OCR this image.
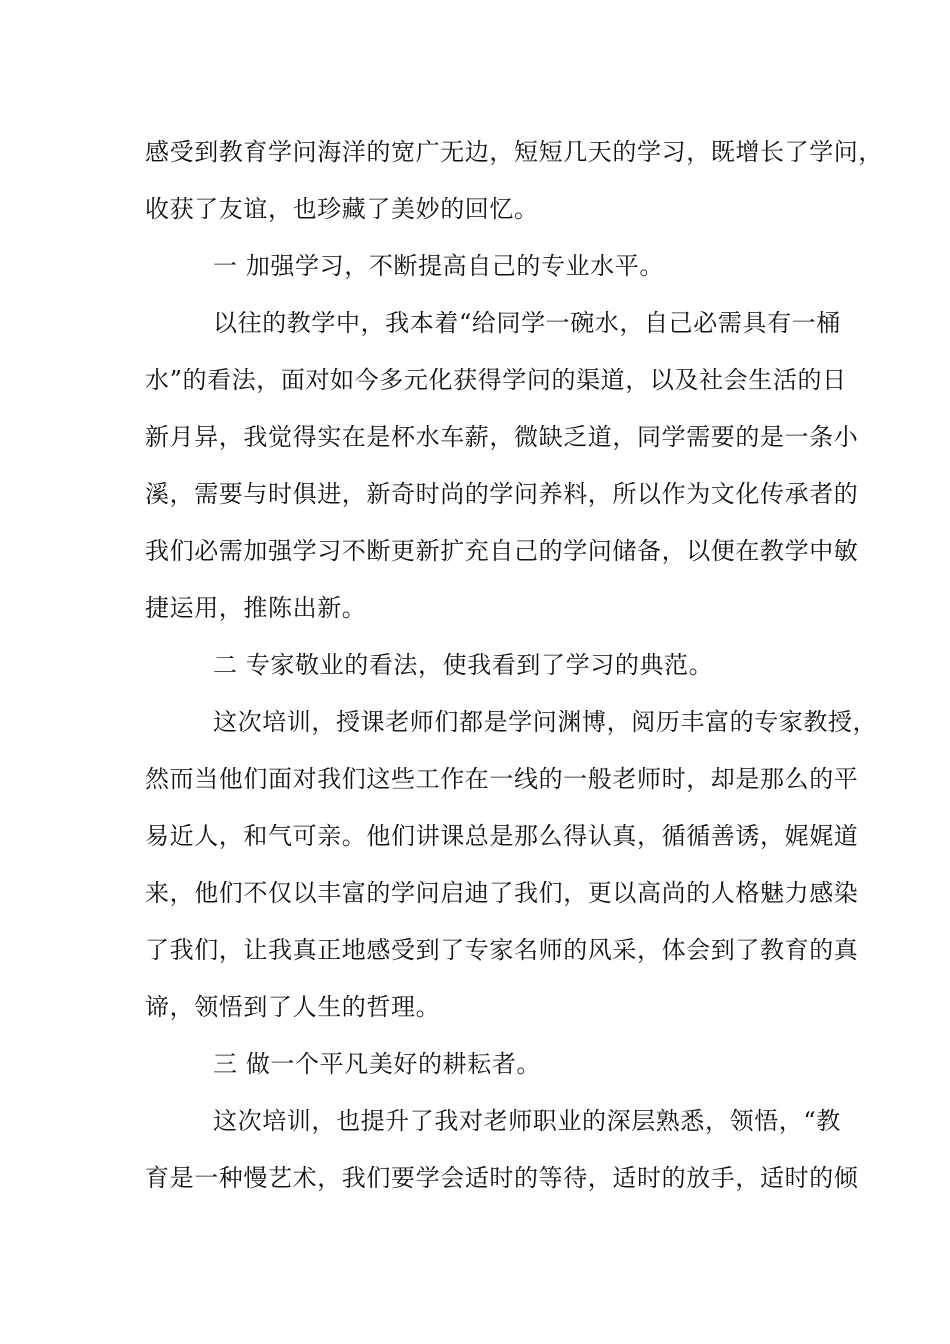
感受到教育学问海洋的宽广无边，短短几天的学习，既增长了学问，
收获了友谊，也珍藏了美妙的回忆。
一 加强学习，不断提高自己的专业水平。
以往的教学中，我本着“给同学一碗水，自己必需具有一桶
水”的看法，面对如今多元化获得学问的渠道，以及社会生活的日
新月异，我觉得实在是杯水车薪，微缺乏道，同学需要的是一条小
溪，需要与时俱进，新奇时尚的学问养料，所以作为文化传承者的
我们必需加强学习不断更新扩充自己的学问储备，以便在教学中敏
捷运用，推陈出新。
二 专家敬业的看法，使我看到了学习的典范。
这次培训，授课老师们都是学问渊博，阅历丰富的专家教授，
然而当他们面对我们这些工作在一线的一般老师时，却是那么的平
易近人，和气可亲。他们讲课总是那么得认真，循循善诱，娓娓道
来，他们不仅以丰富的学问启迪了我们，更以高尚的人格魅力感染
了我们，让我真正地感受到了专家名师的风采，体会到了教育的真
谛，领悟到了人生的哲理。
三 做一个平凡美好的耕耘者。
这次培训，也提升了我对老师职业的深层熟悉，领悟，“教
育是一种慢艺术，我们要学会适时的等待，适时的放手，适时的倾
